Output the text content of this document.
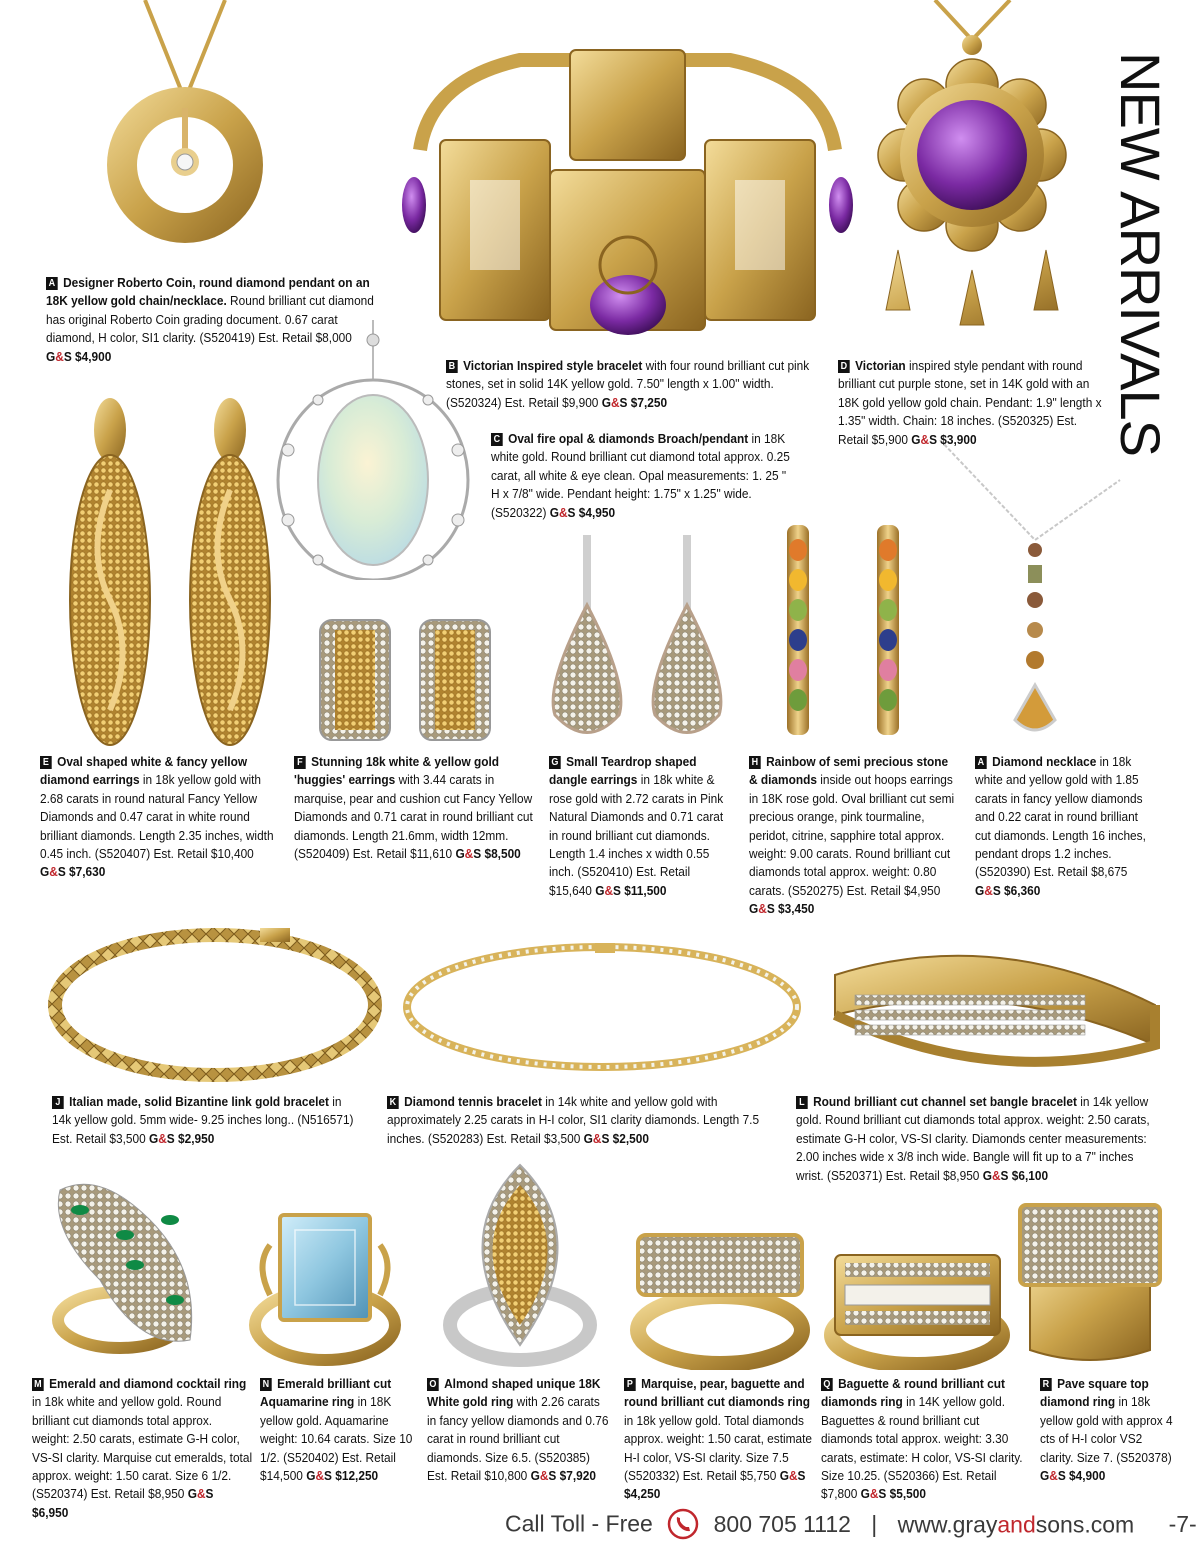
NEW ARRIVALS
A Designer Roberto Coin, round diamond pendant on an 18K yellow gold chain/necklace. Round brilliant cut diamond has original Roberto Coin grading document. 0.67 carat diamond, H color, SI1 clarity. (S520419) Est. Retail $8,000 G&S $4,900
B Victorian Inspired style bracelet with four round brilliant cut pink stones, set in solid 14K yellow gold. 7.50" length x 1.00" width. (S520324) Est. Retail $9,900 G&S $7,250
C Oval fire opal & diamonds Broach/pendant in 18K white gold. Round brilliant cut diamond total approx. 0.25 carat, all white & eye clean. Opal measurements: 1. 25 " H x 7/8" wide. Pendant height: 1.75" x 1.25" wide. (S520322) G&S $4,950
D Victorian inspired style pendant with round brilliant cut purple stone, set in 14K gold with an 18K gold yellow gold chain. Pendant: 1.9" length x 1.35" width. Chain: 18 inches. (S520325) Est. Retail $5,900 G&S $3,900
E Oval shaped white & fancy yellow diamond earrings in 18k yellow gold with 2.68 carats in round natural Fancy Yellow Diamonds and 0.47 carat in white round brilliant diamonds. Length 2.35 inches, width 0.45 inch. (S520407) Est. Retail $10,400 G&S $7,630
F Stunning 18k white & yellow gold 'huggies' earrings with 3.44 carats in marquise, pear and cushion cut Fancy Yellow Diamonds and 0.71 carat in round brilliant cut diamonds. Length 21.6mm, width 12mm. (S520409) Est. Retail $11,610 G&S $8,500
G Small Teardrop shaped dangle earrings in 18k white & rose gold with 2.72 carats in Pink Natural Diamonds and 0.71 carat in round brilliant cut diamonds. Length 1.4 inches x width 0.55 inch. (S520410) Est. Retail $15,640 G&S $11,500
H Rainbow of semi precious stone & diamonds inside out hoops earrings in 18K rose gold. Oval brilliant cut semi precious orange, pink tourmaline, peridot, citrine, sapphire total approx. weight: 9.00 carats. Round brilliant cut diamonds total approx. weight: 0.80 carats. (S520275) Est. Retail $4,950 G&S $3,450
A Diamond necklace in 18k white and yellow gold with 1.85 carats in fancy yellow diamonds and 0.22 carat in round brilliant cut diamonds. Length 16 inches, pendant drops 1.2 inches. (S520390) Est. Retail $8,675 G&S $6,360
J Italian made, solid Bizantine link gold bracelet in 14k yellow gold. 5mm wide- 9.25 inches long.. (N516571) Est. Retail $3,500 G&S $2,950
K Diamond tennis bracelet in 14k white and yellow gold with approximately 2.25 carats in H-I color, SI1 clarity diamonds. Length 7.5 inches. (S520283) Est. Retail $3,500 G&S $2,500
L Round brilliant cut channel set bangle bracelet in 14k yellow gold. Round brilliant cut diamonds total approx. weight: 2.50 carats, estimate G-H color, VS-SI clarity. Diamonds center measurements: 2.00 inches wide x 3/8 inch wide. Bangle will fit up to a 7" inches wrist. (S520371) Est. Retail $8,950 G&S $6,100
M Emerald and diamond cocktail ring in 18k white and yellow gold. Round brilliant cut diamonds total approx. weight: 2.50 carats, estimate G-H color, VS-SI clarity. Marquise cut emeralds, total approx. weight: 1.50 carat. Size 6 1/2. (S520374) Est. Retail $8,950 G&S $6,950
N Emerald brilliant cut Aquamarine ring in 18K yellow gold. Aquamarine weight: 10.64 carats. Size 10 1/2. (S520402) Est. Retail $14,500 G&S $12,250
O Almond shaped unique 18K White gold ring with 2.26 carats in fancy yellow diamonds and 0.76 carat in round brilliant cut diamonds. Size 6.5. (S520385) Est. Retail $10,800 G&S $7,920
P Marquise, pear, baguette and round brilliant cut diamonds ring in 18k yellow gold. Total diamonds approx. weight: 1.50 carat, estimate H-I color, VS-SI clarity. Size 7.5 (S520332) Est. Retail $5,750 G&S $4,250
Q Baguette & round brilliant cut diamonds ring in 14K yellow gold. Baguettes & round brilliant cut diamonds total approx. weight: 3.30 carats, estimate: H color, VS-SI clarity. Size 10.25. (S520366) Est. Retail $7,800 G&S $5,500
R Pave square top diamond ring in 18k yellow gold with approx 4 cts of H-I color VS2 clarity. Size 7. (S520378) G&S $4,900
Call Toll - Free	800 705 1112 | www.grayandsons.com -7-
